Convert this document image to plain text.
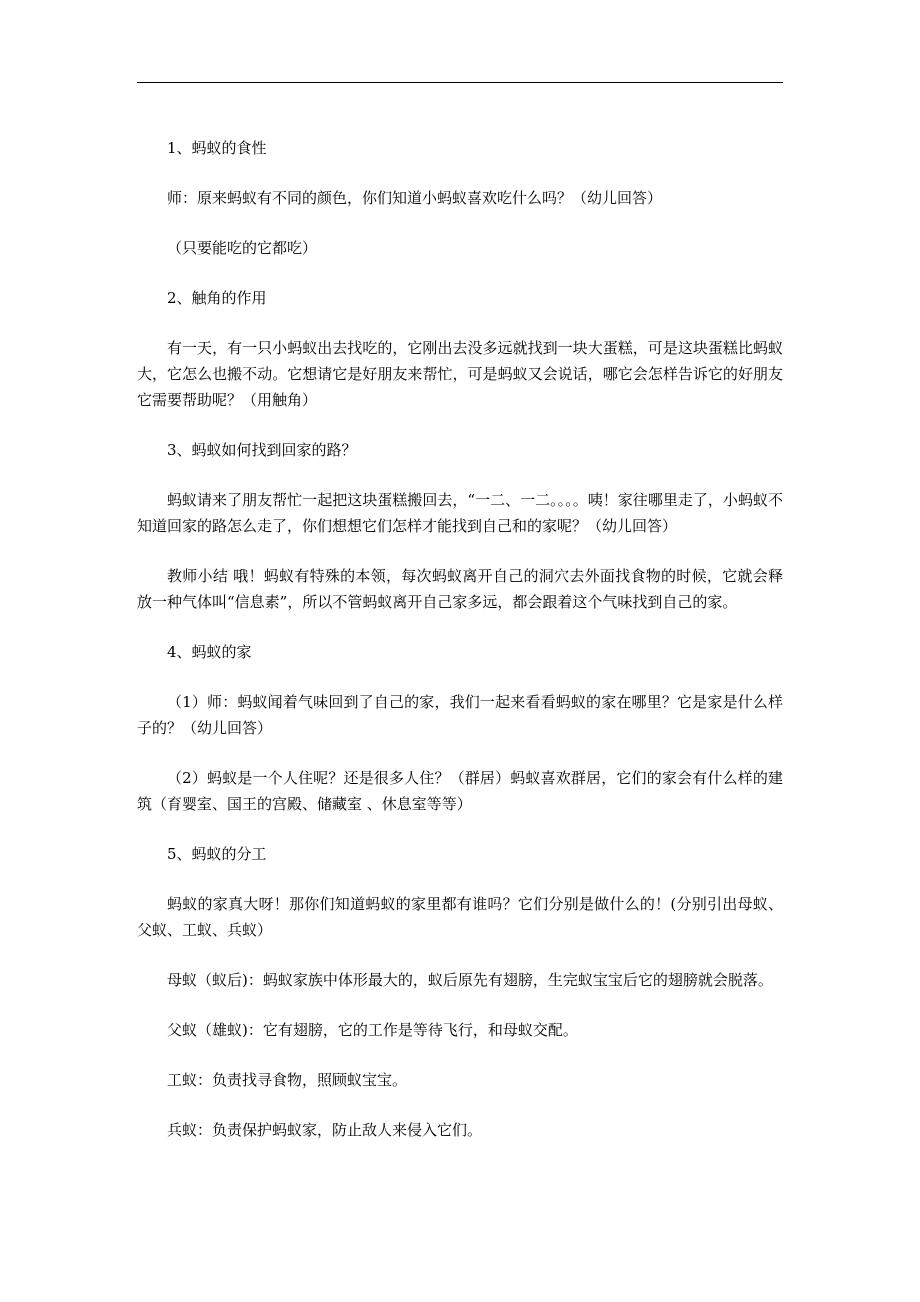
1、蚂蚁的食性

师：原来蚂蚁有不同的颜色，你们知道小蚂蚁喜欢吃什么吗？（幼儿回答）

（只要能吃的它都吃）

2、触角的作用

有一天，有一只小蚂蚁出去找吃的，它刚出去没多远就找到一块大蛋糕，可是这块蛋糕比蚂蚁大，它怎么也搬不动。它想请它是好朋友来帮忙，可是蚂蚁又会说话，哪它会怎样告诉它的好朋友它需要帮助呢？（用触角）

3、蚂蚁如何找到回家的路？

蚂蚁请来了朋友帮忙一起把这块蛋糕搬回去，“一二、一二。。。。咦！家往哪里走了，小蚂蚁不知道回家的路怎么走了，你们想想它们怎样才能找到自己和的家呢？（幼儿回答）

教师小结 哦！蚂蚁有特殊的本领，每次蚂蚁离开自己的洞穴去外面找食物的时候，它就会释放一种气体叫“信息素”，所以不管蚂蚁离开自己家多远，都会跟着这个气味找到自己的家。

4、蚂蚁的家

（1）师：蚂蚁闻着气味回到了自己的家，我们一起来看看蚂蚁的家在哪里？它是家是什么样子的？（幼儿回答）

（2）蚂蚁是一个人住呢？还是很多人住？（群居）蚂蚁喜欢群居，它们的家会有什么样的建筑（育婴室、国王的宫殿、储藏室 、休息室等等）

5、蚂蚁的分工

蚂蚁的家真大呀！那你们知道蚂蚁的家里都有谁吗？它们分别是做什么的！(分别引出母蚁、父蚁、工蚁、兵蚁）

母蚁（蚁后)：蚂蚁家族中体形最大的，蚁后原先有翅膀，生完蚁宝宝后它的翅膀就会脱落。

父蚁（雄蚁)：它有翅膀，它的工作是等待飞行，和母蚁交配。

工蚁：负责找寻食物，照顾蚁宝宝。

兵蚁：负责保护蚂蚁家，防止敌人来侵入它们。
